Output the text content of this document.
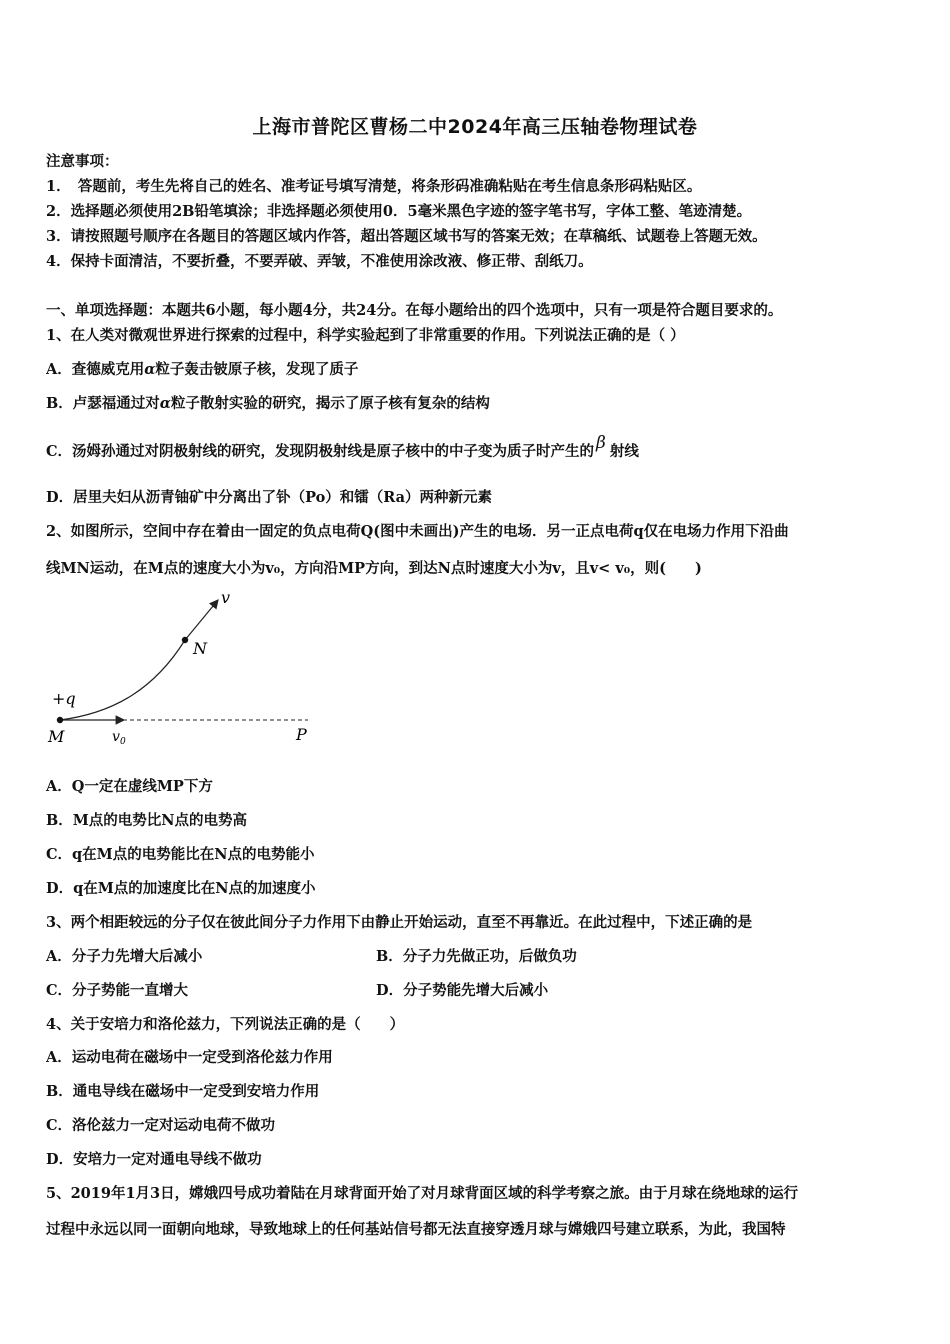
上海市普陀区曹杨二中2024年高三压轴卷物理试卷
注意事项：
1．　答题前，考生先将自己的姓名、准考证号填写清楚，将条形码准确粘贴在考生信息条形码粘贴区。
2．选择题必须使用2B铅笔填涂；非选择题必须使用0．5毫米黑色字迹的签字笔书写，字体工整、笔迹清楚。
3．请按照题号顺序在各题目的答题区域内作答，超出答题区域书写的答案无效；在草稿纸、试题卷上答题无效。
4．保持卡面清洁，不要折叠，不要弄破、弄皱，不准使用涂改液、修正带、刮纸刀。
一、单项选择题：本题共6小题，每小题4分，共24分。在每小题给出的四个选项中，只有一项是符合题目要求的。
1、在人类对微观世界进行探索的过程中，科学实验起到了非常重要的作用。下列说法正确的是（ ）
A．查德威克用α粒子轰击铍原子核，发现了质子
B．卢瑟福通过对α粒子散射实验的研究，揭示了原子核有复杂的结构
C．汤姆孙通过对阴极射线的研究，发现阴极射线是原子核中的中子变为质子时产生的 β 射线
D．居里夫妇从沥青铀矿中分离出了钋（Po）和镭（Ra）两种新元素
2、如图所示，空间中存在着由一固定的负点电荷Q(图中未画出)产生的电场．另一正点电荷q仅在电场力作用下沿曲
线MN运动，在M点的速度大小为v₀，方向沿MP方向，到达N点时速度大小为v，且v< v₀，则(　　)
v
N
+q
M	v 0	P
A．Q一定在虚线MP下方
B．M点的电势比N点的电势高
C．q在M点的电势能比在N点的电势能小
D．q在M点的加速度比在N点的加速度小
3、两个相距较远的分子仅在彼此间分子力作用下由静止开始运动，直至不再靠近。在此过程中，下述正确的是
A．分子力先增大后减小	B．分子力先做正功，后做负功
C．分子势能一直增大	D．分子势能先增大后减小
4、关于安培力和洛伦兹力，下列说法正确的是（　　）
A．运动电荷在磁场中一定受到洛伦兹力作用
B．通电导线在磁场中一定受到安培力作用
C．洛伦兹力一定对运动电荷不做功
D．安培力一定对通电导线不做功
5、2019年1月3日，嫦娥四号成功着陆在月球背面开始了对月球背面区域的科学考察之旅。由于月球在绕地球的运行
过程中永远以同一面朝向地球，导致地球上的任何基站信号都无法直接穿透月球与嫦娥四号建立联系，为此，我国特
